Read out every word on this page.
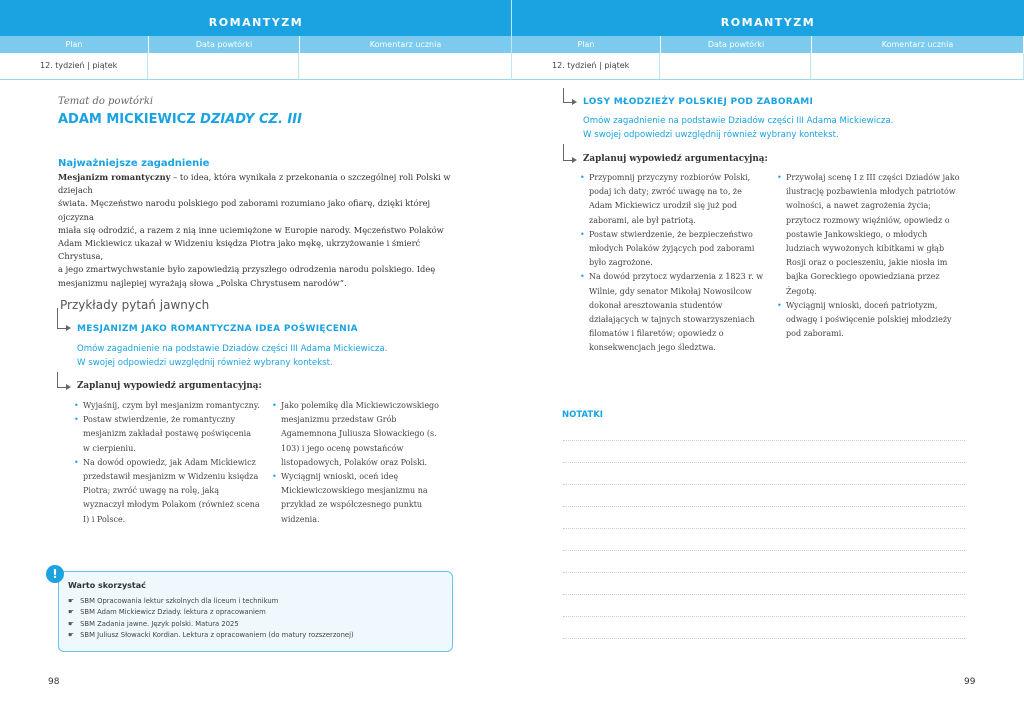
ROMANTYZM
Plan	Data powtórki	Komentarz ucznia
12. tydzień | piątek
Temat do powtórki
ADAM MICKIEWICZ DZIADY CZ. III
Najważniejsze zagadnienie
Mesjanizm romantyczny – to idea, która wynikała z przekonania o szczególnej roli Polski w dziejach
świata. Męczeństwo narodu polskiego pod zaborami rozumiano jako ofiarę, dzięki której ojczyzna
miała się odrodzić, a razem z nią inne uciemiężone w Europie narody. Męczeństwo Polaków
Adam Mickiewicz ukazał w Widzeniu księdza Piotra jako mękę, ukrzyżowanie i śmierć Chrystusa,
a jego zmartwychwstanie było zapowiedzią przyszłego odrodzenia narodu polskiego. Ideę
mesjanizmu najlepiej wyrażają słowa „Polska Chrystusem narodów”.
Przykłady pytań jawnych
MESJANIZM JAKO ROMANTYCZNA IDEA POŚWIĘCENIA
Omów zagadnienie na podstawie Dziadów części III Adama Mickiewicza.
W swojej odpowiedzi uwzględnij również wybrany kontekst.
Zaplanuj wypowiedź argumentacyjną:
• Wyjaśnij, czym był mesjanizm romantyczny.
• Postaw stwierdzenie, że romantyczny mesjanizm zakładał postawę poświęcenia w cierpieniu.
• Na dowód opowiedz, jak Adam Mickiewicz przedstawił mesjanizm w Widzeniu księdza Piotra; zwróć uwagę na rolę, jaką wyznaczył młodym Polakom (również scena I) i Polsce.
• Jako polemikę dla Mickiewiczowskiego mesjanizmu przedstaw Grób Agamemnona Juliusza Słowackiego (s. 103) i jego ocenę powstańców listopadowych, Polaków oraz Polski.
• Wyciągnij wnioski, oceń ideę Mickiewiczowskiego mesjanizmu na przykład ze współczesnego punktu widzenia.
Warto skorzystać
☛ SBM Opracowania lektur szkolnych dla liceum i technikum
☛ SBM Adam Mickiewicz Dziady. lektura z opracowaniem
☛ SBM Zadania jawne. Język polski. Matura 2025
☛ SBM Juliusz Słowacki Kordian. Lektura z opracowaniem (do matury rozszerzonej)
!
98
ROMANTYZM
Plan	Data powtórki	Komentarz ucznia
12. tydzień | piątek
LOSY MŁODZIEŻY POLSKIEJ POD ZABORAMI
Omów zagadnienie na podstawie Dziadów części III Adama Mickiewicza.
W swojej odpowiedzi uwzględnij również wybrany kontekst.
Zaplanuj wypowiedź argumentacyjną:
• Przypomnij przyczyny rozbiorów Polski, podaj ich daty; zwróć uwagę na to, że Adam Mickiewicz urodził się już pod zaborami, ale był patriotą.
• Postaw stwierdzenie, że bezpieczeństwo młodych Polaków żyjących pod zaborami było zagrożone.
• Na dowód przytocz wydarzenia z 1823 r. w Wilnie, gdy senator Mikołaj Nowosilcow dokonał aresztowania studentów działających w tajnych stowarzyszeniach filomatów i filaretów; opowiedz o konsekwencjach jego śledztwa.
• Przywołaj scenę I z III części Dziadów jako ilustrację pozbawienia młodych patriotów wolności, a nawet zagrożenia życia; przytocz rozmowy więźniów, opowiedz o postawie Jankowskiego, o młodych ludziach wywożonych kibitkami w głąb Rosji oraz o pocieszeniu, jakie niosła im bajka Goreckiego opowiedziana przez Żegotę.
• Wyciągnij wnioski, doceń patriotyzm, odwagę i poświęcenie polskiej młodzieży pod zaborami.
NOTATKI
99
